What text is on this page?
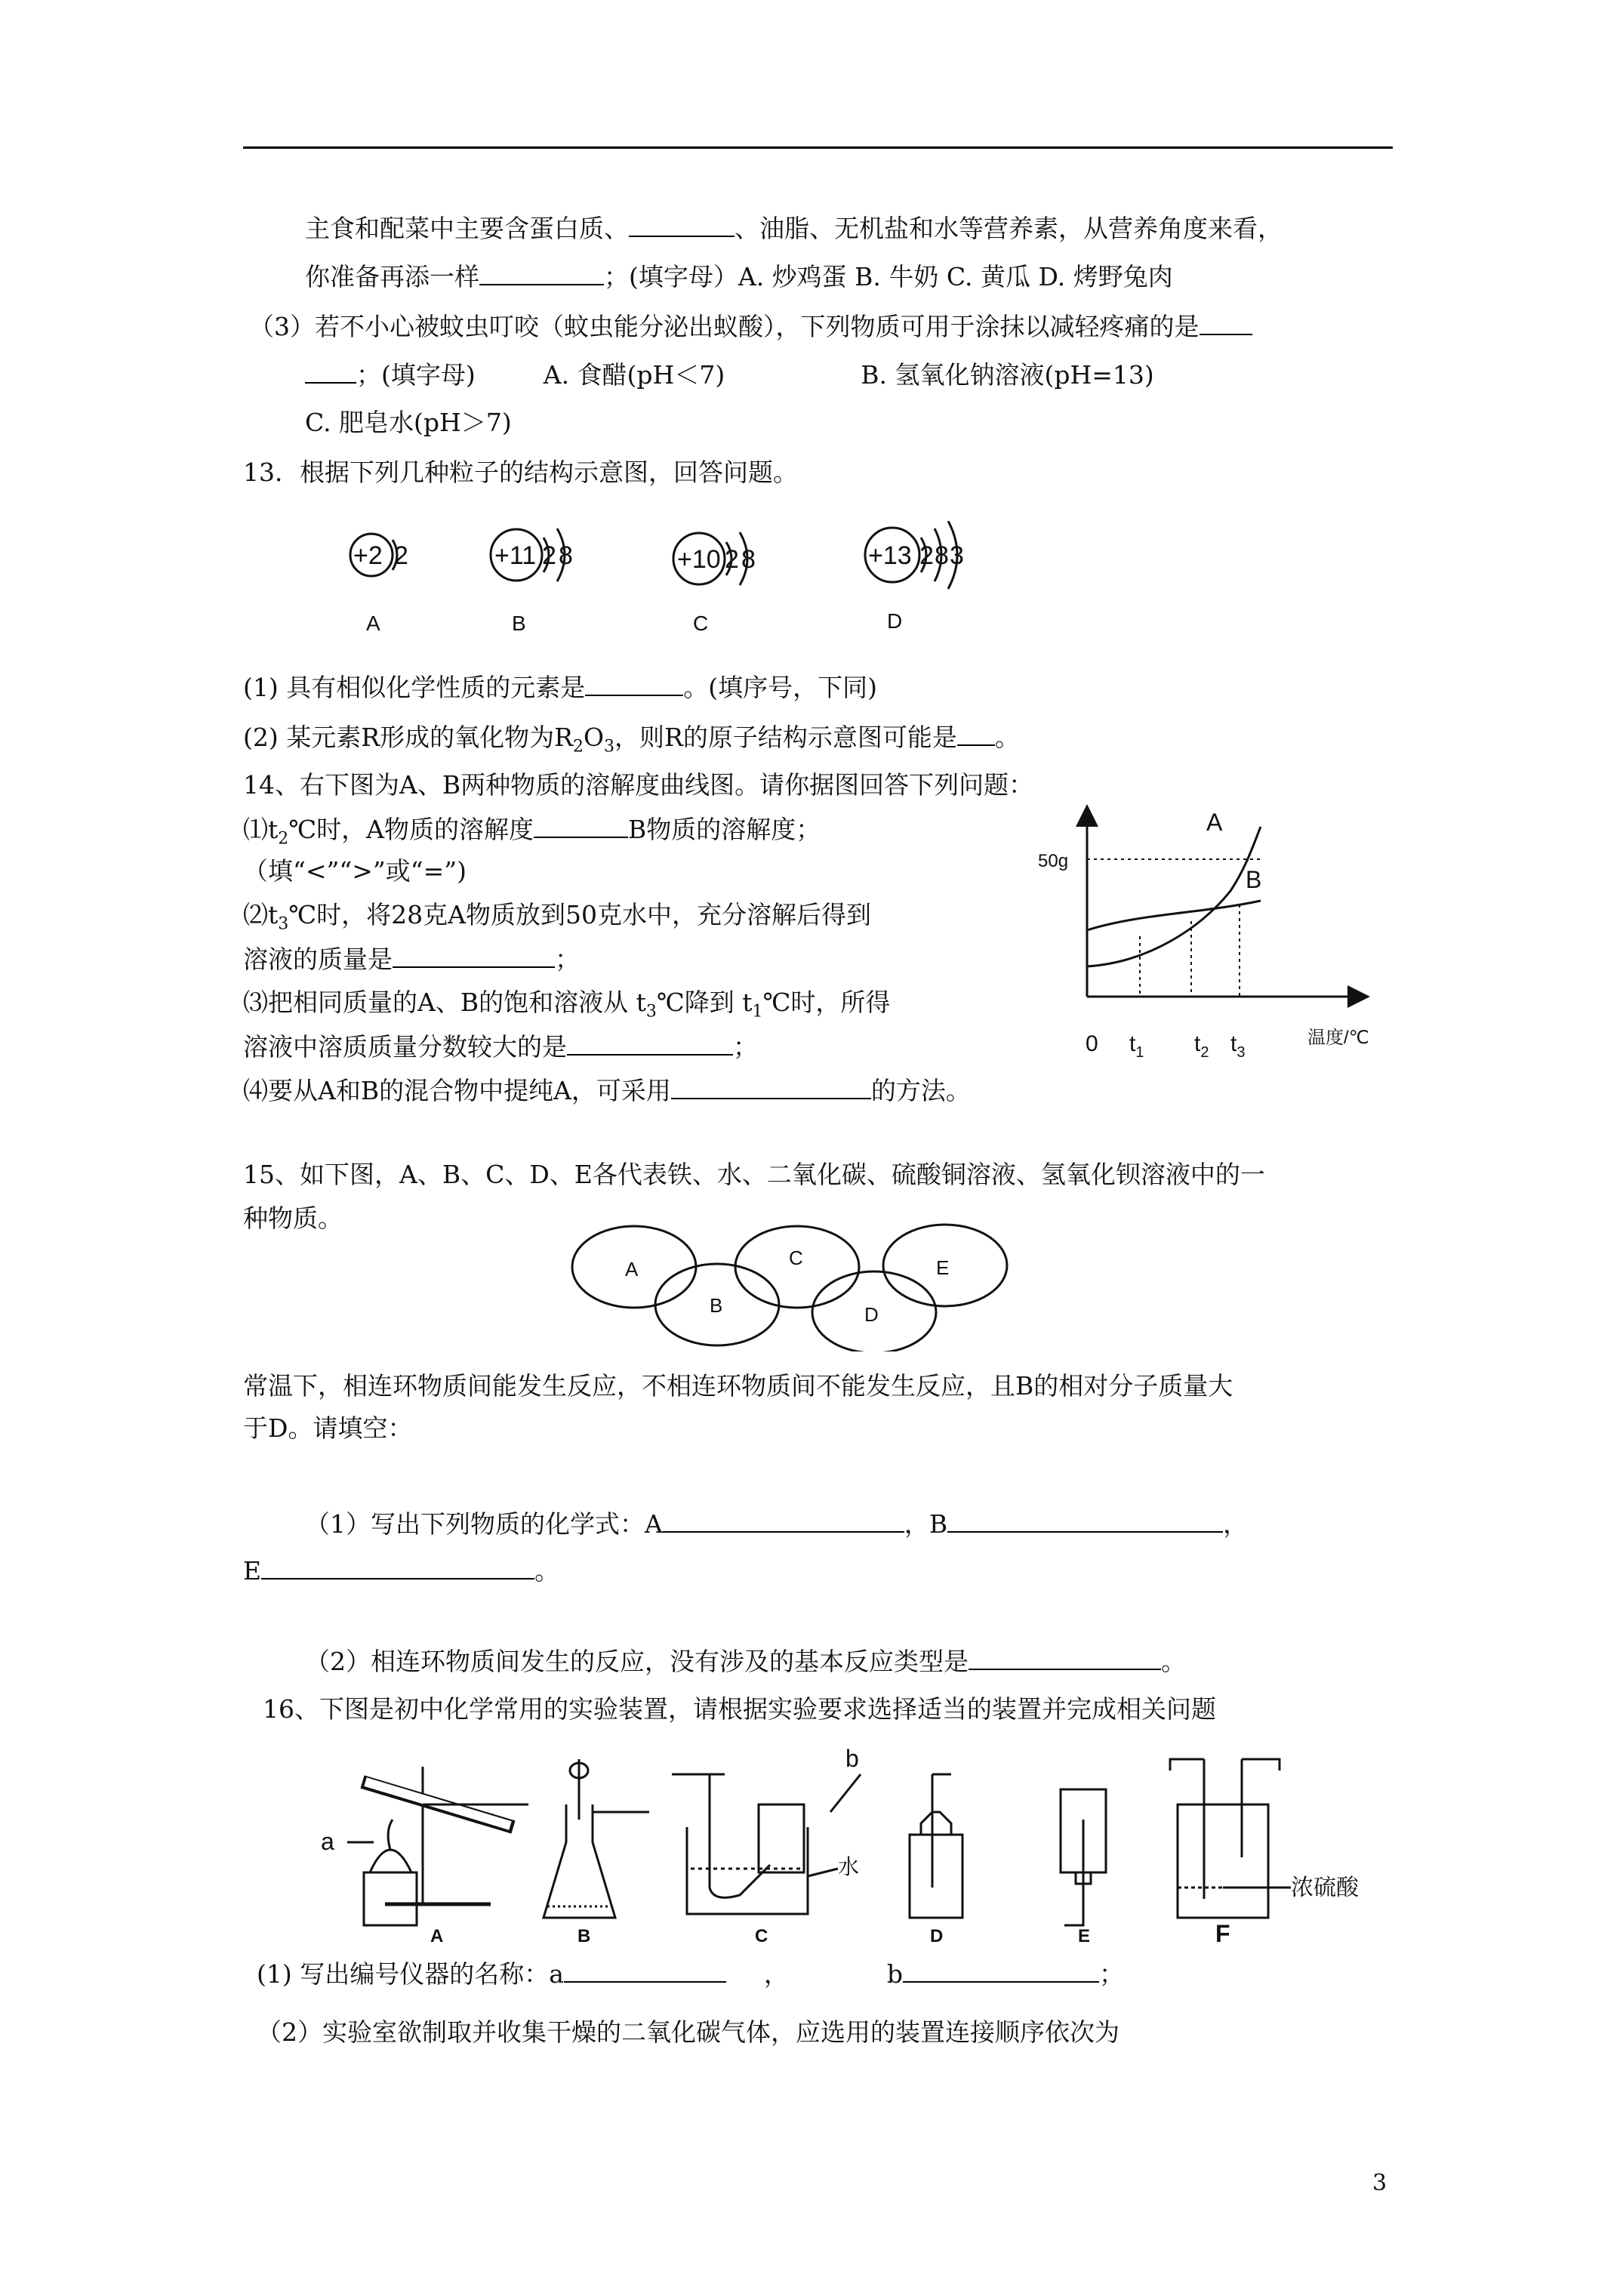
主食和配菜中主要含蛋白质、	、油脂、无机盐和水等营养素，从营养角度来看，
你准备再添一样	；(填字母）A. 炒鸡蛋 B. 牛奶 C. 黄瓜 D. 烤野兔肉
（3）若不小心被蚊虫叮咬（蚊虫能分泌出蚁酸），下列物质可用于涂抹以减轻疼痛的是
；(填字母)	A. 食醋(pH＜7)	B. 氢氧化钠溶液(pH=13)
C. 肥皂水(pH＞7)
13．根据下列几种粒子的结构示意图，回答问题。
+2 2	+11 2 8	+10 2 8	+13 2 8 3
A	B	C	D
(1) 具有相似化学性质的元素是	。(填序号，下同)
(2) 某元素R形成的氧化物为$R_2O_3$，则R的原子结构示意图可能是 。
14、右下图为A、B两种物质的溶解度曲线图。请你据图回答下列问题：
$⑴t_2℃$时，A物质的溶解度	B物质的溶解度；
（填“<”“>”或“=”)
$⑵t_3℃$时，将28克A物质放到50克水中，充分溶解后得到
溶液的质量是	；
⑶把相同质量的A、B的饱和溶液从 $t_3℃$降到 $t_1℃$时，所得
溶液中溶质质量分数较大的是	；
⑷要从A和B的混合物中提纯A，可采用	的方法。
50g
A
B
0 $t_1$ $t_2$ $t_3$
温度/℃
15、如下图，A、B、C、D、E各代表铁、水、二氧化碳、硫酸铜溶液、氢氧化钡溶液中的一
种物质。
A
B
C
D
E
常温下，相连环物质间能发生反应，不相连环物质间不能发生反应，且B的相对分子质量大
于D。请填空：
（1）写出下列物质的化学式：A	，B	，
E	。
（2）相连环物质间发生的反应，没有涉及的基本反应类型是	。
16、下图是初中化学常用的实验装置，请根据实验要求选择适当的装置并完成相关问题
a
b
水
浓硫酸
A	B	C	D	E	F
(1) 写出编号仪器的名称：a	，	b	；
（2）实验室欲制取并收集干燥的二氧化碳气体，应选用的装置连接顺序依次为
3
